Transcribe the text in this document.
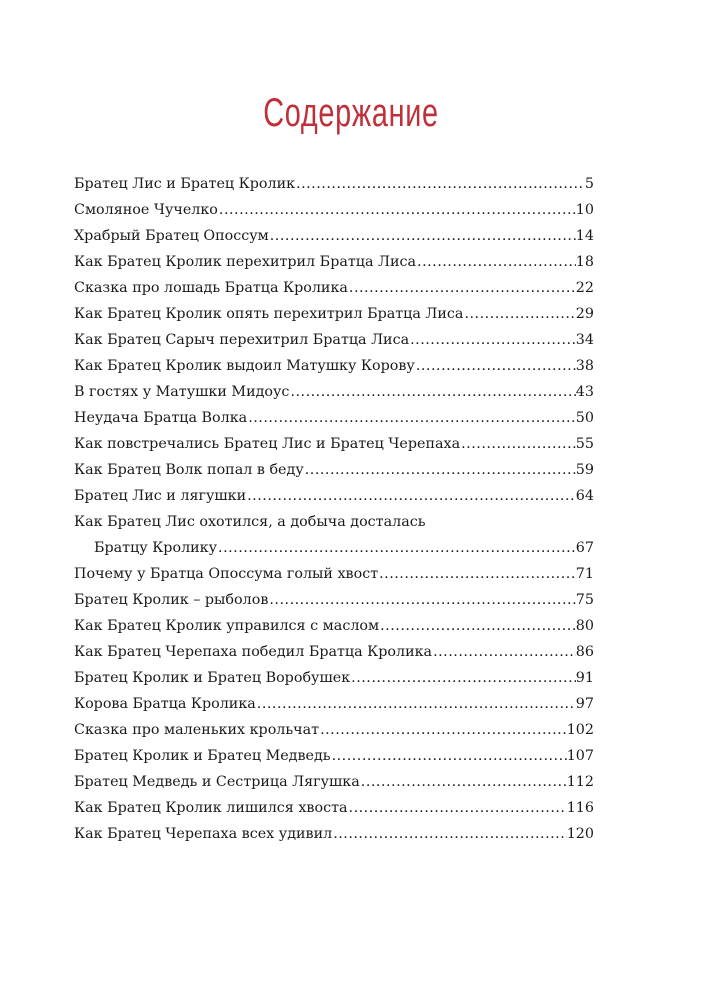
Содержание
Братец Лис и Братец Кролик .....	5
Смоляное Чучелко .....	10
Храбрый Братец Опоссум .....	14
Как Братец Кролик перехитрил Братца Лиса .....	18
Сказка про лошадь Братца Кролика .....	22
Как Братец Кролик опять перехитрил Братца Лиса .....	29
Как Братец Сарыч перехитрил Братца Лиса .....	34
Как Братец Кролик выдоил Матушку Корову .....	38
В гостях у Матушки Мидоус .....	43
Неудача Братца Волка .....	50
Как повстречались Братец Лис и Братец Черепаха .....	55
Как Братец Волк попал в беду .....	59
Братец Лис и лягушки .....	64
Как Братец Лис охотился, а добыча досталась
Братцу Кролику .....	67
Почему у Братца Опоссума голый хвост .....	71
Братец Кролик – рыболов .....	75
Как Братец Кролик управился с маслом .....	80
Как Братец Черепаха победил Братца Кролика .....	86
Братец Кролик и Братец Воробушек .....	91
Корова Братца Кролика .....	97
Сказка про маленьких крольчат .....	102
Братец Кролик и Братец Медведь .....	107
Братец Медведь и Сестрица Лягушка .....	112
Как Братец Кролик лишился хвоста .....	116
Как Братец Черепаха всех удивил .....	120
